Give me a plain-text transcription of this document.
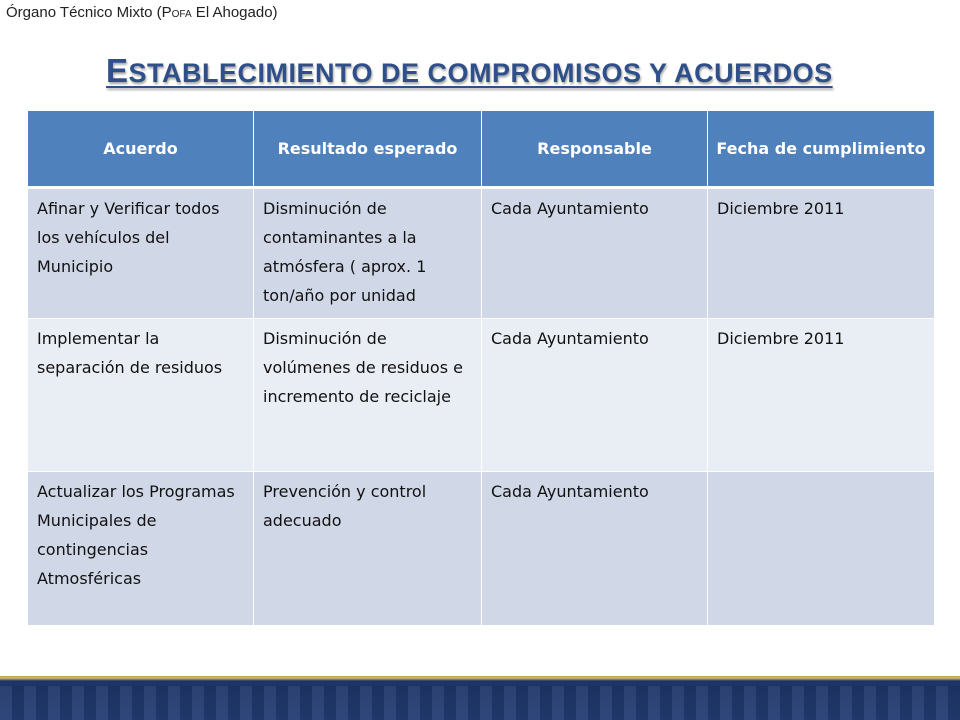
Órgano Técnico Mixto (POFA El Ahogado)
ESTABLECIMIENTO DE COMPROMISOS Y ACUERDOS
Acuerdo	Resultado esperado	Responsable	Fecha de cumplimiento
Afinar y Verificar todos los vehículos del Municipio	Disminución de contaminantes a la atmósfera ( aprox. 1 ton/año por unidad	Cada Ayuntamiento	Diciembre 2011
Implementar la separación de residuos	Disminución de volúmenes de residuos e incremento de reciclaje	Cada Ayuntamiento	Diciembre 2011
Actualizar los Programas Municipales de contingencias Atmosféricas	Prevención y control adecuado	Cada Ayuntamiento	
